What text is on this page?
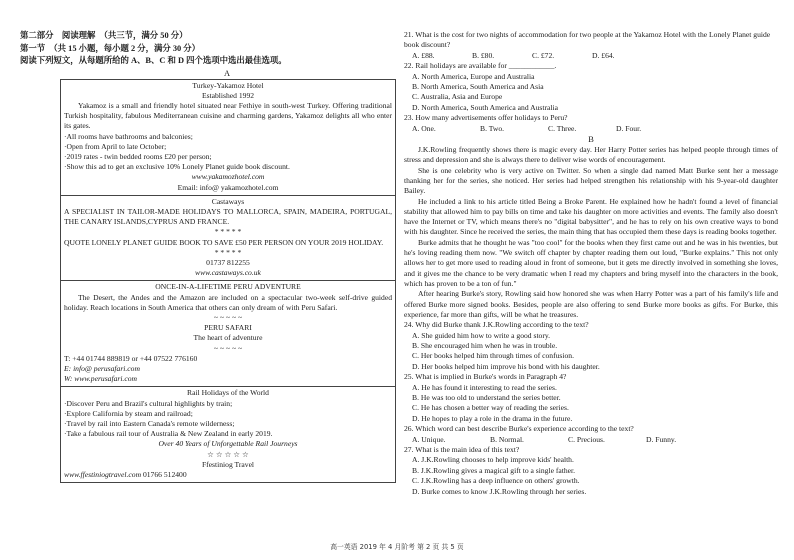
第二部分　阅读理解　（共三节，满分 50 分）

第一节　（共 15 小题，每小题 2 分，满分 30 分）

阅读下列短文，从每题所给的 A、B、C 和 D 四个选项中选出最佳选项。

A

Turkey-Yakamoz Hotel

Established 1992

Yakamoz is a small and friendly hotel situated near Fethiye in south-west Turkey. Offering traditional Turkish hospitality, fabulous Mediterranean cuisine and charming gardens, Yakamoz delights all who enter its gates.

·All rooms have bathrooms and balconies;

·Open from April to late October;

·2019 rates - twin bedded rooms £20 per person;

·Show this ad to get an exclusive 10% Lonely Planet guide book discount.

www.yakamozhotel.com

Email: info@ yakamozhotel.com

Castaways

A SPECIALIST IN TAILOR-MADE HOLIDAYS TO MALLORCA, SPAIN, MADEIRA, PORTUGAL, THE CANARY ISLANDS,CYPRUS AND FRANCE.

* * * * *

QUOTE LONELY PLANET GUIDE BOOK TO SAVE £50 PER PERSON ON YOUR 2019 HOLIDAY.

* * * * *

01737 812255

www.castaways.co.uk

ONCE-IN-A-LIFETIME PERU ADVENTURE

The Desert, the Andes and the Amazon are included on a spectacular two-week self-drive guided holiday. Reach locations in South America that others can only dream of with Peru Safari.

~ ~ ~ ~ ~

PERU SAFARI

The heart of adventure

~ ~ ~ ~ ~

T: +44 01744 889819 or +44 07522 776160

E: info@ perusafari.com

W: www.perusafari.com

Rail Holidays of the World

·Discover Peru and Brazil's cultural highlights by train;

·Explore California by steam and railroad;

·Travel by rail into Eastern Canada's remote wilderness;

·Take a fabulous rail tour of Australia & New Zealand in early 2019.

Over 40 Years of Unforgettable Rail Journeys

☆ ☆ ☆ ☆ ☆

Ffestiniog Travel

www.ffestiniogtravel.com 01766 512400

21. What is the cost for two nights of accommodation for two people at the Yakamoz Hotel with the Lonely Planet guide book discount?

A. £88.	B. £80.	C. £72.	D. £64.

22. Rail holidays are available for ____________.

A. North America, Europe and Australia

B. North America, South America and Asia

C. Australia, Asia and Europe

D. North America, South America and Australia

23. How many advertisements offer holidays to Peru?

A. One.	B. Two.	C. Three.	D. Four.

B

J.K.Rowling frequently shows there is magic every day. Her Harry Potter series has helped people through times of stress and depression and she is always there to deliver wise words of encouragement.

She is one celebrity who is very active on Twitter. So when a single dad named Matt Burke sent her a message thanking her for the series, she noticed. Her series had helped strengthen his relationship with his 9-year-old daughter Bailey.

He included a link to his article titled Being a Broke Parent. He explained how he hadn't found a level of financial stability that allowed him to pay bills on time and take his daughter on more activities and events. The family also doesn't have the Internet or TV, which means there's no "digital babysitter", and he has to rely on his own creative ways to bond with his daughter. Since he received the series, the main thing that has occupied them these days is reading books together.

Burke admits that he thought he was "too cool" for the books when they first came out and he was in his twenties, but he's loving reading them now. "We switch off chapter by chapter reading them out loud, "Burke explains." This not only allows her to get more used to reading aloud in front of someone, but it gets me directly involved in something she loves, and it gives me the chance to be very dramatic when I read my chapters and bring myself into the characters in the book, which has proven to be a ton of fun."

After hearing Burke's story, Rowling said how honored she was when Harry Potter was a part of his family's life and offered Burke more signed books. Besides, people are also offering to send Burke more books as gifts. For Burke, this experience, far more than gifts, will be what he treasures.

24. Why did Burke thank J.K.Rowling according to the text?

A. She guided him how to write a good story.

B. She encouraged him when he was in trouble.

C. Her books helped him through times of confusion.

D. Her books helped him improve his bond with his daughter.

25. What is implied in Burke's words in Paragraph 4?

A. He has found it interesting to read the series.

B. He was too old to understand the series better.

C. He has chosen a better way of reading the series.

D. He hopes to play a role in the drama in the future.

26. Which word can best describe Burke's experience according to the text?

A. Unique.	B. Normal.	C. Precious.	D. Funny.

27. What is the main idea of this text?

A. J.K.Rowling chooses to help improve kids' health.

B. J.K.Rowling gives a magical gift to a single father.

C. J.K.Rowling has a deep influence on others' growth.

D. Burke comes to know J.K.Rowling through her series.

高一英语 2019 年 4 月阶考 第 2 页 共 5 页
